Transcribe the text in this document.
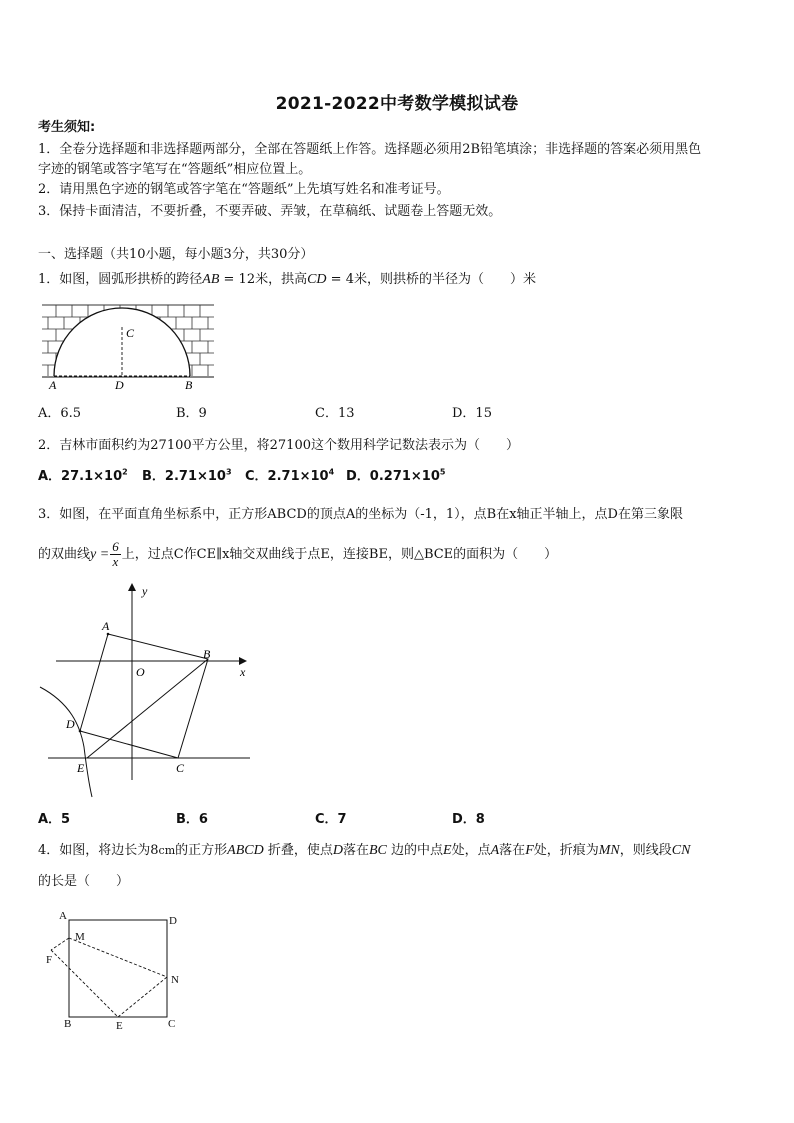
2021-2022中考数学模拟试卷
考生须知:
1．全卷分选择题和非选择题两部分，全部在答题纸上作答。选择题必须用2B铅笔填涂；非选择题的答案必须用黑色
字迹的钢笔或答字笔写在“答题纸”相应位置上。
2．请用黑色字迹的钢笔或答字笔在“答题纸”上先填写姓名和准考证号。
3．保持卡面清洁，不要折叠，不要弄破、弄皱，在草稿纸、试题卷上答题无效。
一、选择题（共10小题，每小题3分，共30分）
1．如图，圆弧形拱桥的跨径AB = 12米，拱高CD = 4米，则拱桥的半径为（　　）米
A	D	B
C
A．6.5	B．9	C．13	D．15
2．吉林市面积约为27100平方公里，将27100这个数用科学记数法表示为（　　）
A．$27.1\times 10^2$ B．$2.71\times 10^3$ C．$2.71\times 10^4$ D．$0.271\times 10^5$
3．如图，在平面直角坐标系中，正方形ABCD的顶点A的坐标为（-1，1），点B在x轴正半轴上，点D在第三象限
的双曲线$y = \frac{6}{x}$ 上，过点C作CE∥x轴交双曲线于点E，连接BE，则△BCE的面积为（　　）
y
x
A
B
O
D
E	C
A．5	B．6	C．7	D．8
4．如图，将边长为8cm的正方形ABCD 折叠，使点D落在BC 边的中点E处，点A落在F处，折痕为MN，则线段CN
的长是（　　）
A	D
M
F
N
B	E	C
